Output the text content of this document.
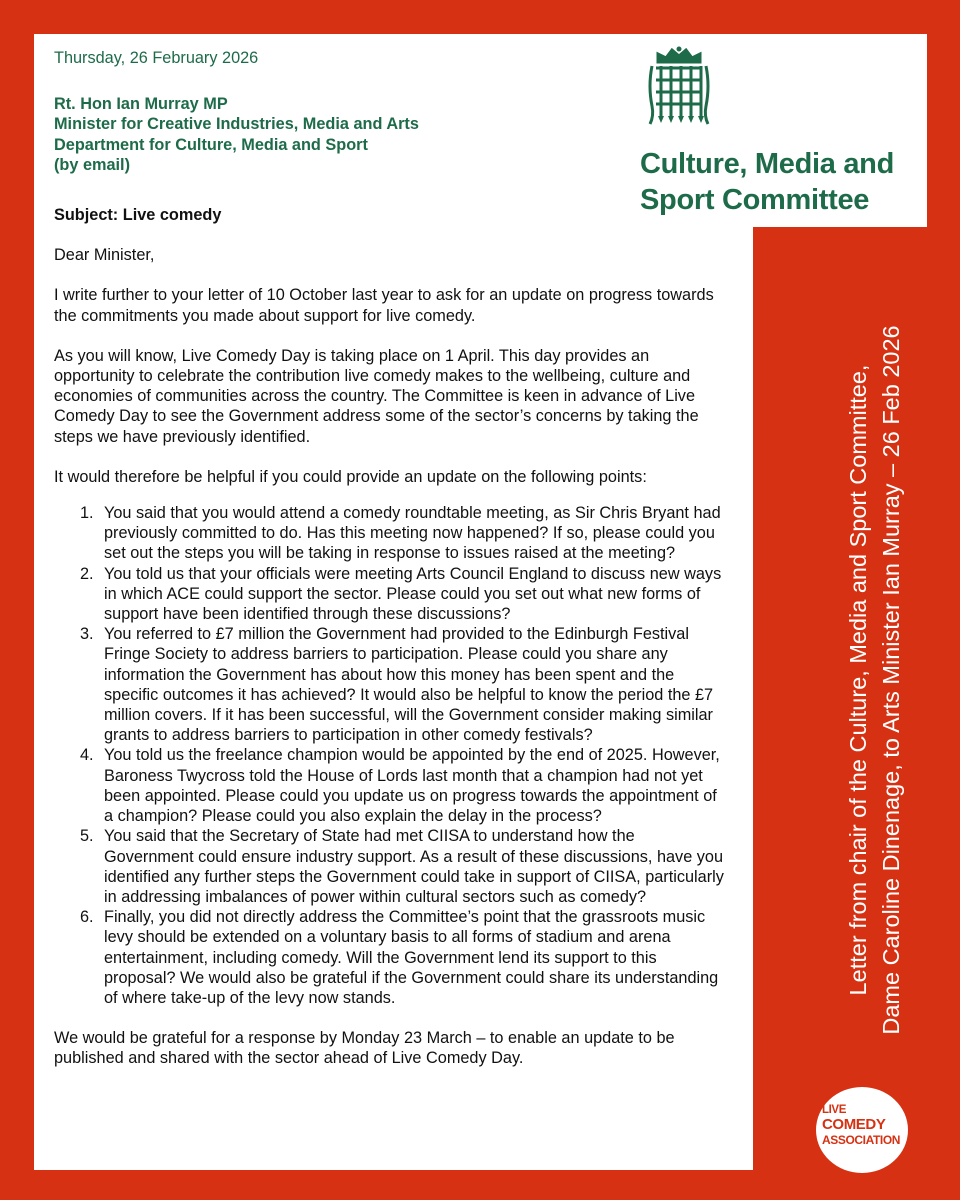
Culture, Media and
Sport Committee
Thursday, 26 February 2026
Rt. Hon Ian Murray MP
Minister for Creative Industries, Media and Arts
Department for Culture, Media and Sport
(by email)
Subject: Live comedy
Dear Minister,
I write further to your letter of 10 October last year to ask for an update on progress towards the commitments you made about support for live comedy.
As you will know, Live Comedy Day is taking place on 1 April. This day provides an opportunity to celebrate the contribution live comedy makes to the wellbeing, culture and economies of communities across the country. The Committee is keen in advance of Live Comedy Day to see the Government address some of the sector’s concerns by taking the steps we have previously identified.
It would therefore be helpful if you could provide an update on the following points:
1. You said that you would attend a comedy roundtable meeting, as Sir Chris Bryant had previously committed to do. Has this meeting now happened? If so, please could you set out the steps you will be taking in response to issues raised at the meeting?
2. You told us that your officials were meeting Arts Council England to discuss new ways in which ACE could support the sector. Please could you set out what new forms of support have been identified through these discussions?
3. You referred to £7 million the Government had provided to the Edinburgh Festival Fringe Society to address barriers to participation. Please could you share any information the Government has about how this money has been spent and the specific outcomes it has achieved? It would also be helpful to know the period the £7 million covers. If it has been successful, will the Government consider making similar grants to address barriers to participation in other comedy festivals?
4. You told us the freelance champion would be appointed by the end of 2025. However, Baroness Twycross told the House of Lords last month that a champion had not yet been appointed. Please could you update us on progress towards the appointment of a champion? Please could you also explain the delay in the process?
5. You said that the Secretary of State had met CIISA to understand how the Government could ensure industry support. As a result of these discussions, have you identified any further steps the Government could take in support of CIISA, particularly in addressing imbalances of power within cultural sectors such as comedy?
6. Finally, you did not directly address the Committee’s point that the grassroots music levy should be extended on a voluntary basis to all forms of stadium and arena entertainment, including comedy. Will the Government lend its support to this proposal? We would also be grateful if the Government could share its understanding of where take-up of the levy now stands.
We would be grateful for a response by Monday 23 March – to enable an update to be published and shared with the sector ahead of Live Comedy Day.
Letter from chair of the Culture, Media and Sport Committee, Dame Caroline Dinenage, to Arts Minister Ian Murray – 26 Feb 2026
LIVE
COMEDY
ASSOCIATION
